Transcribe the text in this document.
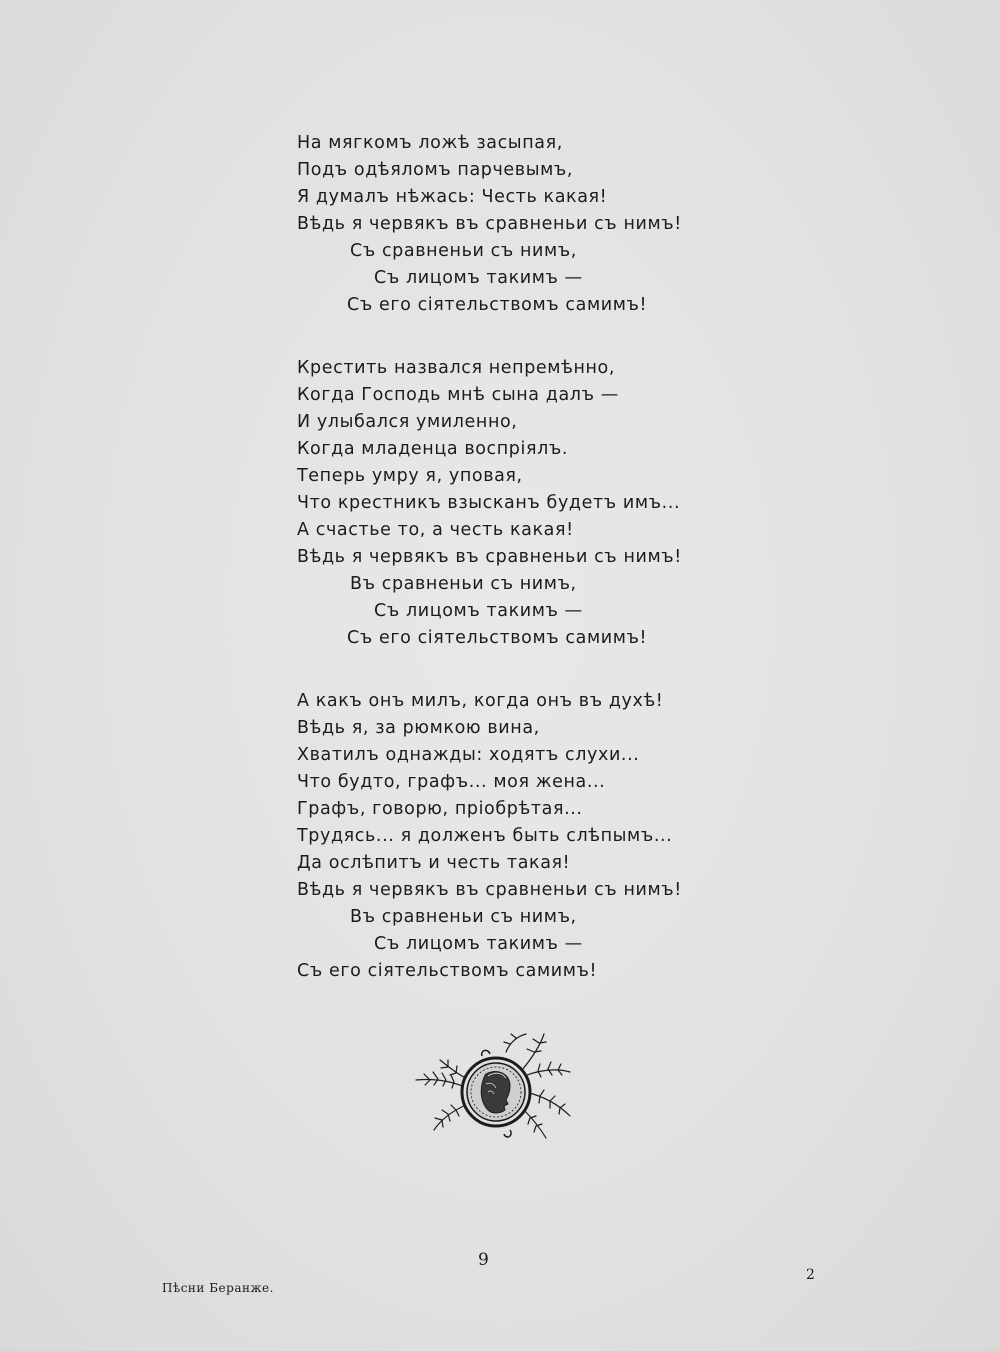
На мягкомъ ложѣ засыпая,
Подъ одѣяломъ парчевымъ,
Я думалъ нѣжась: Честь какая!
Вѣдь я червякъ въ сравненьи съ нимъ!
Съ сравненьи съ нимъ,
Съ лицомъ такимъ —
Съ его сіятельствомъ самимъ!
Крестить назвался непремѣнно,
Когда Господь мнѣ сына далъ —
И улыбался умиленно,
Когда младенца воспріялъ.
Теперь умру я, уповая,
Что крестникъ взысканъ будетъ имъ...
А счастье то, а честь какая!
Вѣдь я червякъ въ сравненьи съ нимъ!
Въ сравненьи съ нимъ,
Съ лицомъ такимъ —
Съ его сіятельствомъ самимъ!
А какъ онъ милъ, когда онъ въ духѣ!
Вѣдь я, за рюмкою вина,
Хватилъ однажды: ходятъ слухи...
Что будто, графъ... моя жена...
Графъ, говорю, пріобрѣтая...
Трудясь... я долженъ быть слѣпымъ...
Да ослѣпитъ и честь такая!
Вѣдь я червякъ въ сравненьи съ нимъ!
Въ сравненьи съ нимъ,
Съ лицомъ такимъ —
Съ его сіятельствомъ самимъ!
9
Пѣсни Беранже.
2
